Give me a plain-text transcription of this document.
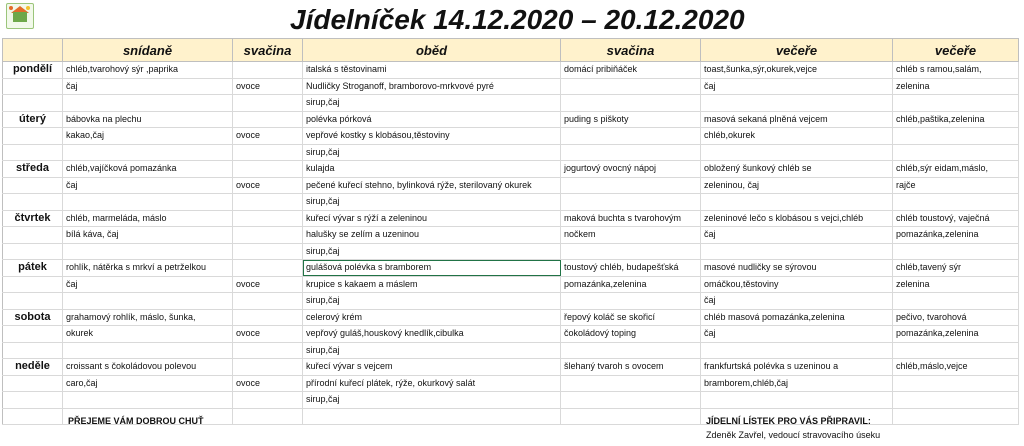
Jídelníček 14.12.2020 – 20.12.2020
	snídaně	svačina	oběd	svačina	večeře	večeře
pondělí	chléb,tvarohový sýr ,paprika		italská s těstovinami	domácí pribiňáček	toast,šunka,sýr,okurek,vejce	chléb s ramou,salám,
	čaj	ovoce	Nudličky Stroganoff, bramborovo-mrkvové pyré		čaj	zelenina
			sirup,čaj			
úterý	bábovka na plechu		polévka pórková	puding s piškoty	masová sekaná plněná vejcem	chléb,paštika,zelenina
	kakao,čaj	ovoce	vepřové kostky s klobásou,těstoviny		chléb,okurek	
			sirup,čaj			
středa	chléb,vajíčková pomazánka		kulajda	jogurtový ovocný nápoj	obložený šunkový chléb se	chléb,sýr eidam,máslo,
	čaj	ovoce	pečené kuřecí stehno, bylinková rýže, sterilovaný okurek		zeleninou, čaj	rajče
			sirup,čaj			
čtvrtek	chléb, marmeláda, máslo		kuřecí vývar s rýží a zeleninou	maková buchta s tvarohovým	zeleninové lečo s klobásou s vejci,chléb	chléb toustový, vaječná
	bílá káva, čaj		halušky se zelím a uzeninou	nočkem	čaj	pomazánka,zelenina
			sirup,čaj			
pátek	rohlík, nátěrka s mrkví a petrželkou		gulášová polévka s bramborem	toustový chléb, budapešťská	masové nudličky se sýrovou	chléb,tavený sýr
	čaj	ovoce	krupice s kakaem a máslem	pomazánka,zelenina	omáčkou,těstoviny	zelenina
			sirup,čaj		čaj	
sobota	grahamový rohlík, máslo, šunka,		celerový krém	řepový koláč se skořicí	chléb masová pomazánka,zelenina	pečivo, tvarohová
	okurek	ovoce	vepřový guláš,houskový knedlík,cibulka	čokoládový toping	čaj	pomazánka,zelenina
			sirup,čaj			
neděle	croissant s čokoládovou polevou		kuřecí vývar s vejcem	šlehaný tvaroh s ovocem	frankfurtská polévka s uzeninou a	chléb,máslo,vejce
	caro,čaj	ovoce	přírodní kuřecí plátek, rýže, okurkový salát		bramborem,chléb,čaj	
			sirup,čaj			

PŘEJEME VÁM DOBROU CHUŤ	JÍDELNÍ LÍSTEK PRO VÁS PŘIPRAVIL:
Zdeněk Zavřel, vedoucí stravovacího úseku
